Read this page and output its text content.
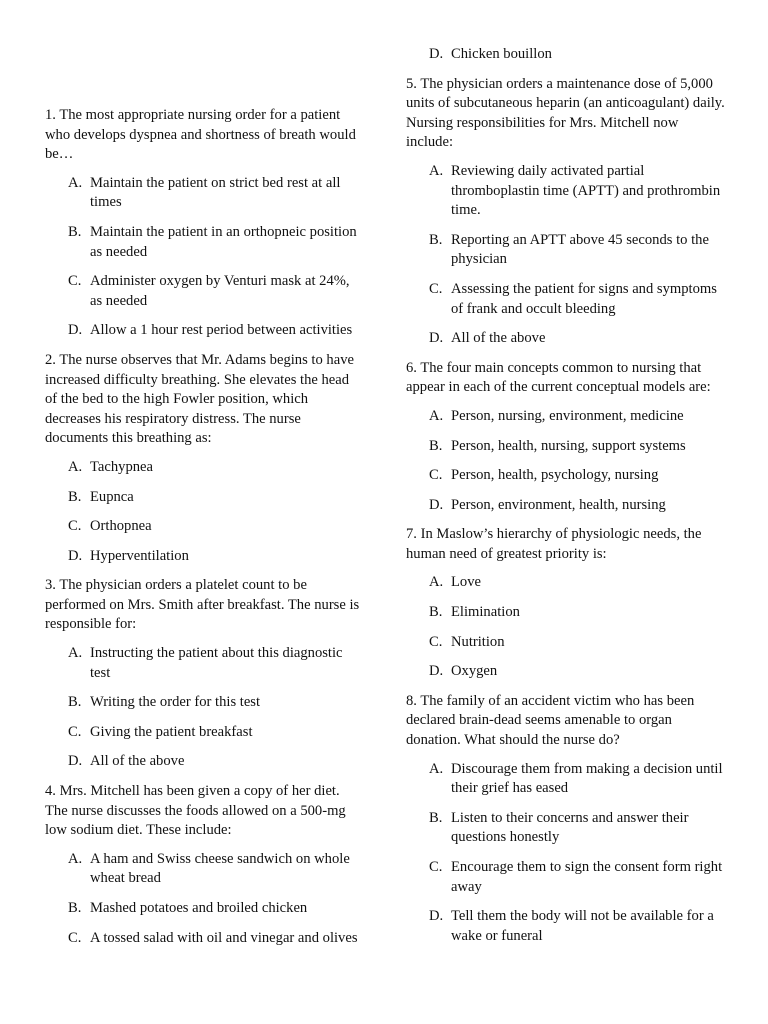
1. The most appropriate nursing order for a patient who develops dyspnea and shortness of breath would be…

A. Maintain the patient on strict bed rest at all times
B. Maintain the patient in an orthopneic position as needed
C. Administer oxygen by Venturi mask at 24%, as needed
D. Allow a 1 hour rest period between activities

2. The nurse observes that Mr. Adams begins to have increased difficulty breathing. She elevates the head of the bed to the high Fowler position, which decreases his respiratory distress. The nurse documents this breathing as:

A. Tachypnea
B. Eupnca
C. Orthopnea
D. Hyperventilation

3. The physician orders a platelet count to be performed on Mrs. Smith after breakfast. The nurse is responsible for:

A. Instructing the patient about this diagnostic test
B. Writing the order for this test
C. Giving the patient breakfast
D. All of the above

4. Mrs. Mitchell has been given a copy of her diet. The nurse discusses the foods allowed on a 500-mg low sodium diet. These include:

A. A ham and Swiss cheese sandwich on whole wheat bread
B. Mashed potatoes and broiled chicken
C. A tossed salad with oil and vinegar and olives
D. Chicken bouillon

5. The physician orders a maintenance dose of 5,000 units of subcutaneous heparin (an anticoagulant) daily. Nursing responsibilities for Mrs. Mitchell now include:

A. Reviewing daily activated partial thromboplastin time (APTT) and prothrombin time.
B. Reporting an APTT above 45 seconds to the physician
C. Assessing the patient for signs and symptoms of frank and occult bleeding
D. All of the above

6. The four main concepts common to nursing that appear in each of the current conceptual models are:

A. Person, nursing, environment, medicine
B. Person, health, nursing, support systems
C. Person, health, psychology, nursing
D. Person, environment, health, nursing

7. In Maslow’s hierarchy of physiologic needs, the human need of greatest priority is:

A. Love
B. Elimination
C. Nutrition
D. Oxygen

8. The family of an accident victim who has been declared brain-dead seems amenable to organ donation. What should the nurse do?

A. Discourage them from making a decision until their grief has eased
B. Listen to their concerns and answer their questions honestly
C. Encourage them to sign the consent form right away
D. Tell them the body will not be available for a wake or funeral
